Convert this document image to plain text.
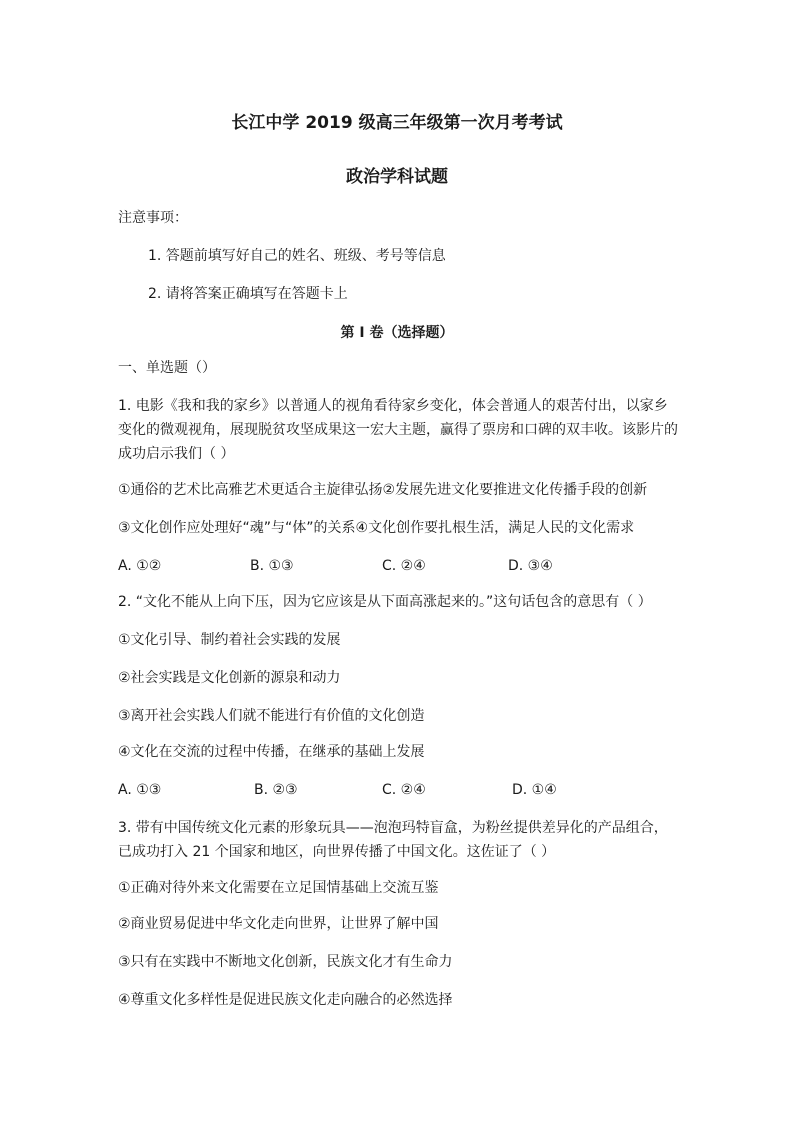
长江中学 2019 级高三年级第一次月考考试
政治学科试题
注意事项：
1. 答题前填写好自己的姓名、班级、考号等信息
2. 请将答案正确填写在答题卡上
第 I 卷（选择题）
一、单选题（）
1. 电影《我和我的家乡》以普通人的视角看待家乡变化，体会普通人的艰苦付出，以家乡
变化的微观视角，展现脱贫攻坚成果这一宏大主题，赢得了票房和口碑的双丰收。该影片的
成功启示我们（ ）
①通俗的艺术比高雅艺术更适合主旋律弘扬②发展先进文化要推进文化传播手段的创新
③文化创作应处理好“魂”与“体”的关系④文化创作要扎根生活，满足人民的文化需求
A. ①②	B. ①③	C. ②④	D. ③④
2. “文化不能从上向下压，因为它应该是从下面高涨起来的。”这句话包含的意思有（ ）
①文化引导、制约着社会实践的发展
②社会实践是文化创新的源泉和动力
③离开社会实践人们就不能进行有价值的文化创造
④文化在交流的过程中传播，在继承的基础上发展
A. ①③	B. ②③	C. ②④	D. ①④
3. 带有中国传统文化元素的形象玩具——泡泡玛特盲盒，为粉丝提供差异化的产品组合，
已成功打入 21 个国家和地区，向世界传播了中国文化。这佐证了（ ）
①正确对待外来文化需要在立足国情基础上交流互鉴
②商业贸易促进中华文化走向世界，让世界了解中国
③只有在实践中不断地文化创新，民族文化才有生命力
④尊重文化多样性是促进民族文化走向融合的必然选择
